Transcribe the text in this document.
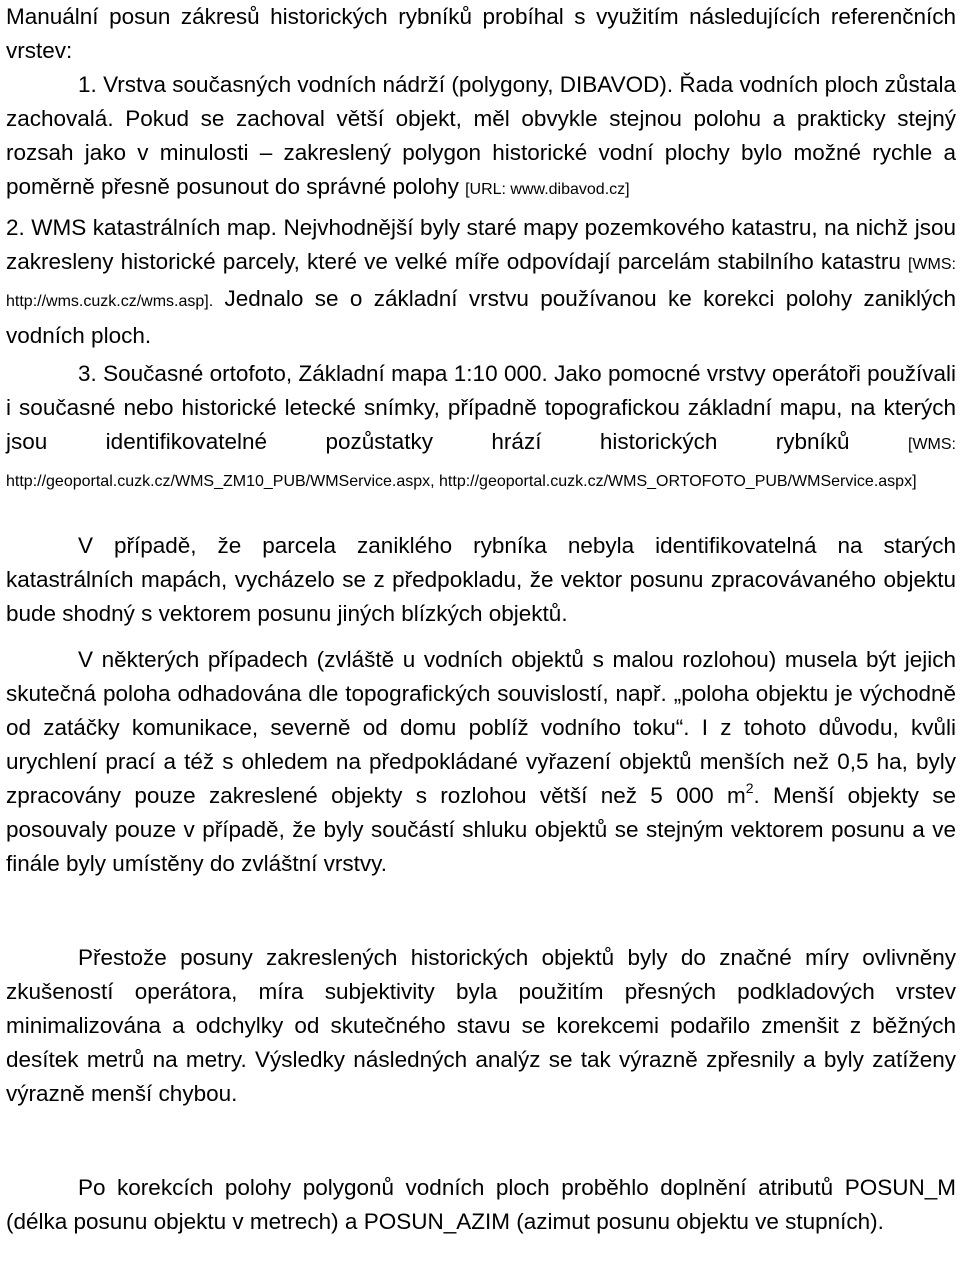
Manuální posun zákresů historických rybníků probíhal s využitím následujících referenčních vrstev:

1. Vrstva současných vodních nádrží (polygony, DIBAVOD). Řada vodních ploch zůstala zachovalá. Pokud se zachoval větší objekt, měl obvykle stejnou polohu a prakticky stejný rozsah jako v minulosti – zakreslený polygon historické vodní plochy bylo možné rychle a poměrně přesně posunout do správné polohy [URL: www.dibavod.cz]

2. WMS katastrálních map. Nejvhodnější byly staré mapy pozemkového katastru, na nichž jsou zakresleny historické parcely, které ve velké míře odpovídají parcelám stabilního katastru [WMS: http://wms.cuzk.cz/wms.asp]. Jednalo se o základní vrstvu používanou ke korekci polohy zaniklých vodních ploch.

3. Současné ortofoto, Základní mapa 1:10 000. Jako pomocné vrstvy operátoři používali i současné nebo historické letecké snímky, případně topografickou základní mapu, na kterých jsou identifikovatelné pozůstatky hrází historických rybníků	[WMS: http://geoportal.cuzk.cz/WMS_ZM10_PUB/WMService.aspx, http://geoportal.cuzk.cz/WMS_ORTOFOTO_PUB/WMService.aspx]

V případě, že parcela zaniklého rybníka nebyla identifikovatelná na starých katastrálních mapách, vycházelo se z předpokladu, že vektor posunu zpracovávaného objektu bude shodný s vektorem posunu jiných blízkých objektů.

V některých případech (zvláště u vodních objektů s malou rozlohou) musela být jejich skutečná poloha odhadována dle topografických souvislostí, např. „poloha objektu je východně od zatáčky komunikace, severně od domu poblíž vodního toku“. I z tohoto důvodu, kvůli urychlení prací a též s ohledem na předpokládané vyřazení objektů menších než 0,5 ha, byly zpracovány pouze zakreslené objekty s rozlohou větší než 5 000 $m^2$. Menší objekty se posouvaly pouze v případě, že byly součástí shluku objektů se stejným vektorem posunu a ve finále byly umístěny do zvláštní vrstvy.

Přestože posuny zakreslených historických objektů byly do značné míry ovlivněny zkušeností operátora, míra subjektivity byla použitím přesných podkladových vrstev minimalizována a odchylky od skutečného stavu se korekcemi podařilo zmenšit z běžných desítek metrů na metry. Výsledky následných analýz se tak výrazně zpřesnily a byly zatíženy výrazně menší chybou.

Po korekcích polohy polygonů vodních ploch proběhlo doplnění atributů POSUN_M (délka posunu objektu v metrech) a POSUN_AZIM (azimut posunu objektu ve stupních).
